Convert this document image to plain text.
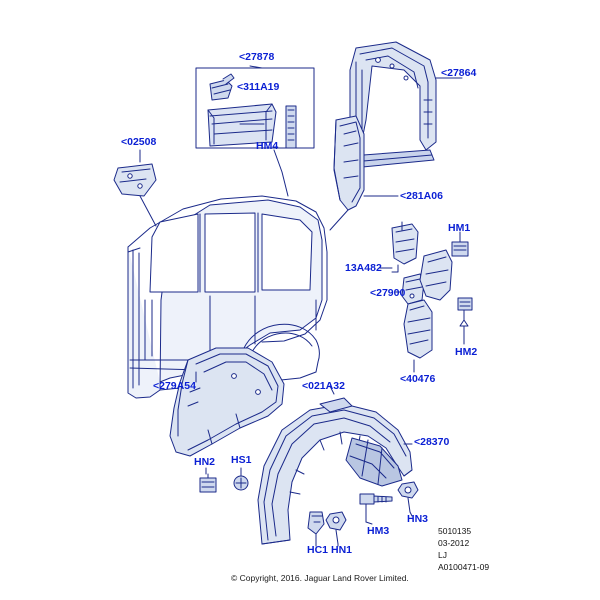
<27878
<311A19
<27864
HM4
<02508
<281A06
HM1
13A482
<27900
HM2
<40476
<279A54	<021A32
<28370
HN2 HS1
HN3
HM3
HC1 HN1
5010135
03-2012
LJ
A0100471-09
© Copyright, 2016. Jaguar Land Rover Limited.
